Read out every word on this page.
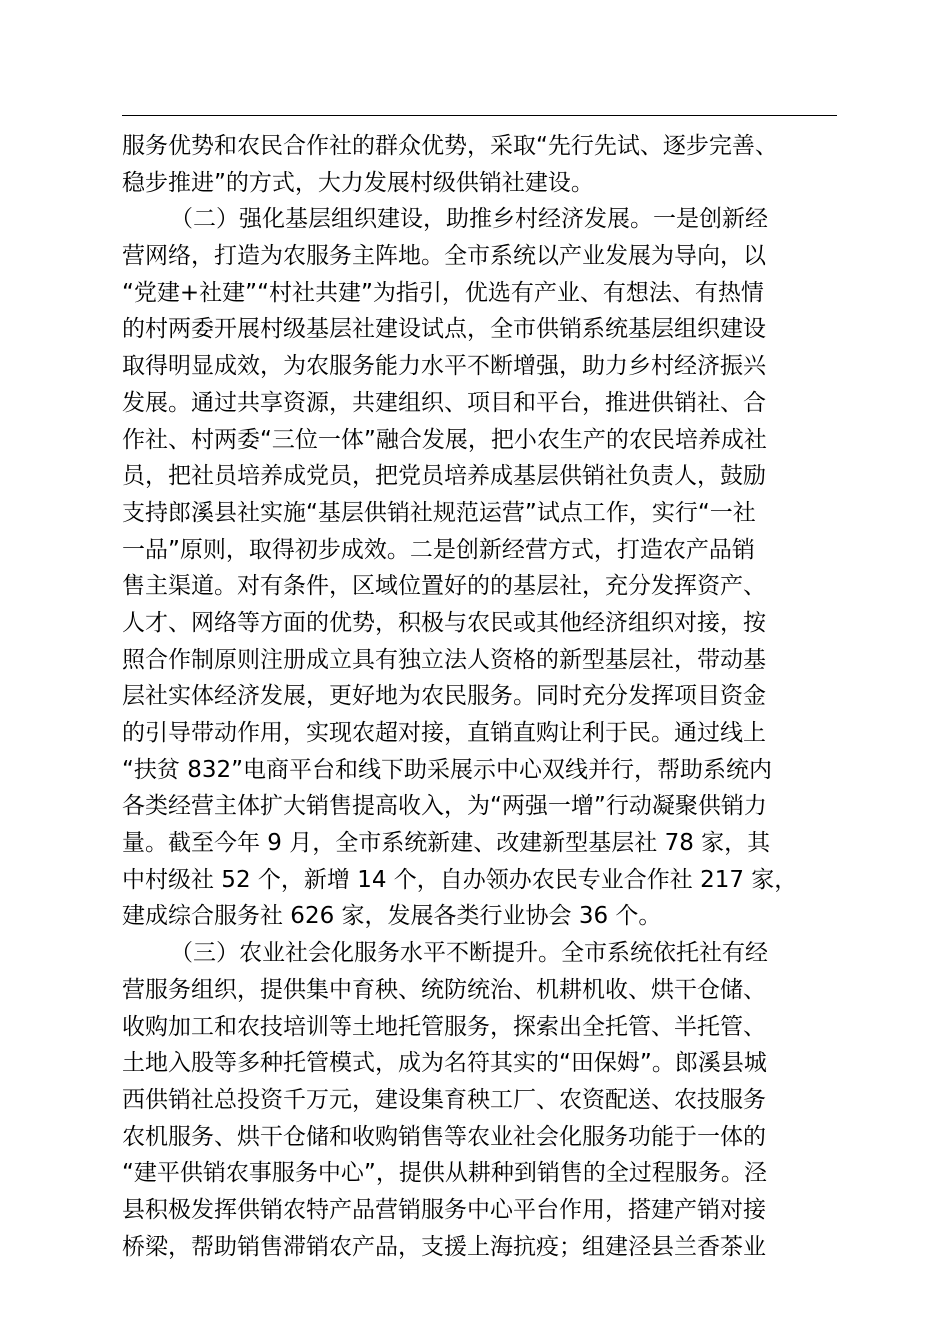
服务优势和农民合作社的群众优势，采取“先行先试、逐步完善、
稳步推进”的方式，大力发展村级供销社建设。
（二）强化基层组织建设，助推乡村经济发展。一是创新经
营网络，打造为农服务主阵地。全市系统以产业发展为导向，以
“党建+社建”“村社共建”为指引，优选有产业、有想法、有热情
的村两委开展村级基层社建设试点，全市供销系统基层组织建设
取得明显成效，为农服务能力水平不断增强，助力乡村经济振兴
发展。通过共享资源，共建组织、项目和平台，推进供销社、合
作社、村两委“三位一体”融合发展，把小农生产的农民培养成社
员，把社员培养成党员，把党员培养成基层供销社负责人，鼓励
支持郎溪县社实施“基层供销社规范运营”试点工作，实行“一社
一品”原则，取得初步成效。二是创新经营方式，打造农产品销
售主渠道。对有条件，区域位置好的的基层社，充分发挥资产、
人才、网络等方面的优势，积极与农民或其他经济组织对接，按
照合作制原则注册成立具有独立法人资格的新型基层社，带动基
层社实体经济发展，更好地为农民服务。同时充分发挥项目资金
的引导带动作用，实现农超对接，直销直购让利于民。通过线上
“扶贫 832”电商平台和线下助采展示中心双线并行，帮助系统内
各类经营主体扩大销售提高收入，为“两强一增”行动凝聚供销力
量。截至今年 9 月，全市系统新建、改建新型基层社 78 家，其
中村级社 52 个，新增 14 个，自办领办农民专业合作社 217 家，
建成综合服务社 626 家，发展各类行业协会 36 个。
（三）农业社会化服务水平不断提升。全市系统依托社有经
营服务组织，提供集中育秧、统防统治、机耕机收、烘干仓储、
收购加工和农技培训等土地托管服务，探索出全托管、半托管、
土地入股等多种托管模式，成为名符其实的“田保姆”。郎溪县城
西供销社总投资千万元，建设集育秧工厂、农资配送、农技服务
农机服务、烘干仓储和收购销售等农业社会化服务功能于一体的
“建平供销农事服务中心”，提供从耕种到销售的全过程服务。泾
县积极发挥供销农特产品营销服务中心平台作用，搭建产销对接
桥梁，帮助销售滞销农产品，支援上海抗疫；组建泾县兰香茶业
